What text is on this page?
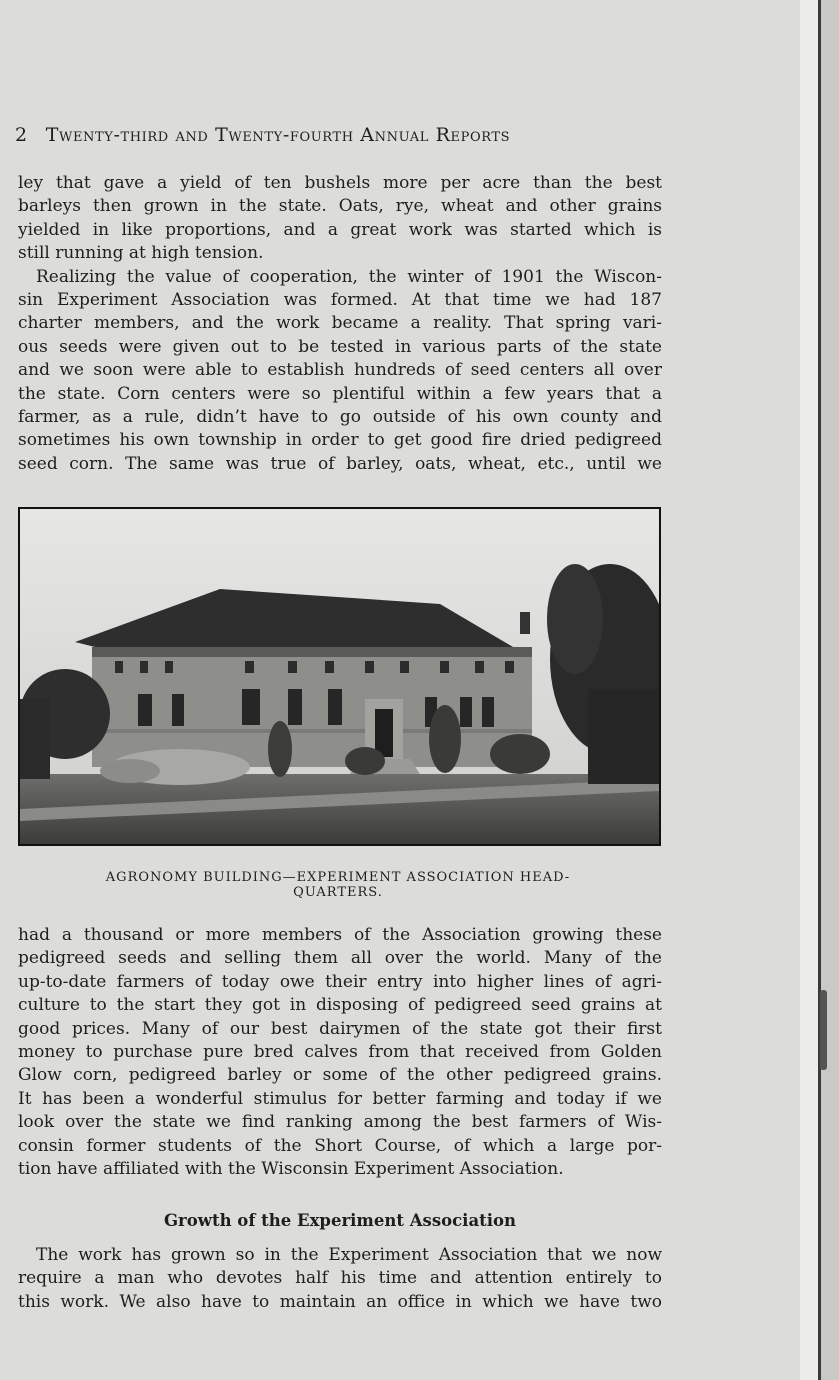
2 Twenty-third and Twenty-fourth Annual Reports
ley that gave a yield of ten bushels more per acre than the best
barleys then grown in the state. Oats, rye, wheat and other grains
yielded in like proportions, and a great work was started which is
still running at high tension.
Realizing the value of cooperation, the winter of 1901 the Wiscon-
sin Experiment Association was formed. At that time we had 187
charter members, and the work became a reality. That spring vari-
ous seeds were given out to be tested in various parts of the state
and we soon were able to establish hundreds of seed centers all over
the state. Corn centers were so plentiful within a few years that a
farmer, as a rule, didn’t have to go outside of his own county and
sometimes his own township in order to get good fire dried pedigreed
seed corn. The same was true of barley, oats, wheat, etc., until we
AGRONOMY BUILDING—EXPERIMENT ASSOCIATION HEAD-
QUARTERS.
had a thousand or more members of the Association growing these
pedigreed seeds and selling them all over the world. Many of the
up-to-date farmers of today owe their entry into higher lines of agri-
culture to the start they got in disposing of pedigreed seed grains at
good prices. Many of our best dairymen of the state got their first
money to purchase pure bred calves from that received from Golden
Glow corn, pedigreed barley or some of the other pedigreed grains.
It has been a wonderful stimulus for better farming and today if we
look over the state we find ranking among the best farmers of Wis-
consin former students of the Short Course, of which a large por-
tion have affiliated with the Wisconsin Experiment Association.
Growth of the Experiment Association
The work has grown so in the Experiment Association that we now
require a man who devotes half his time and attention entirely to
this work. We also have to maintain an office in which we have two
